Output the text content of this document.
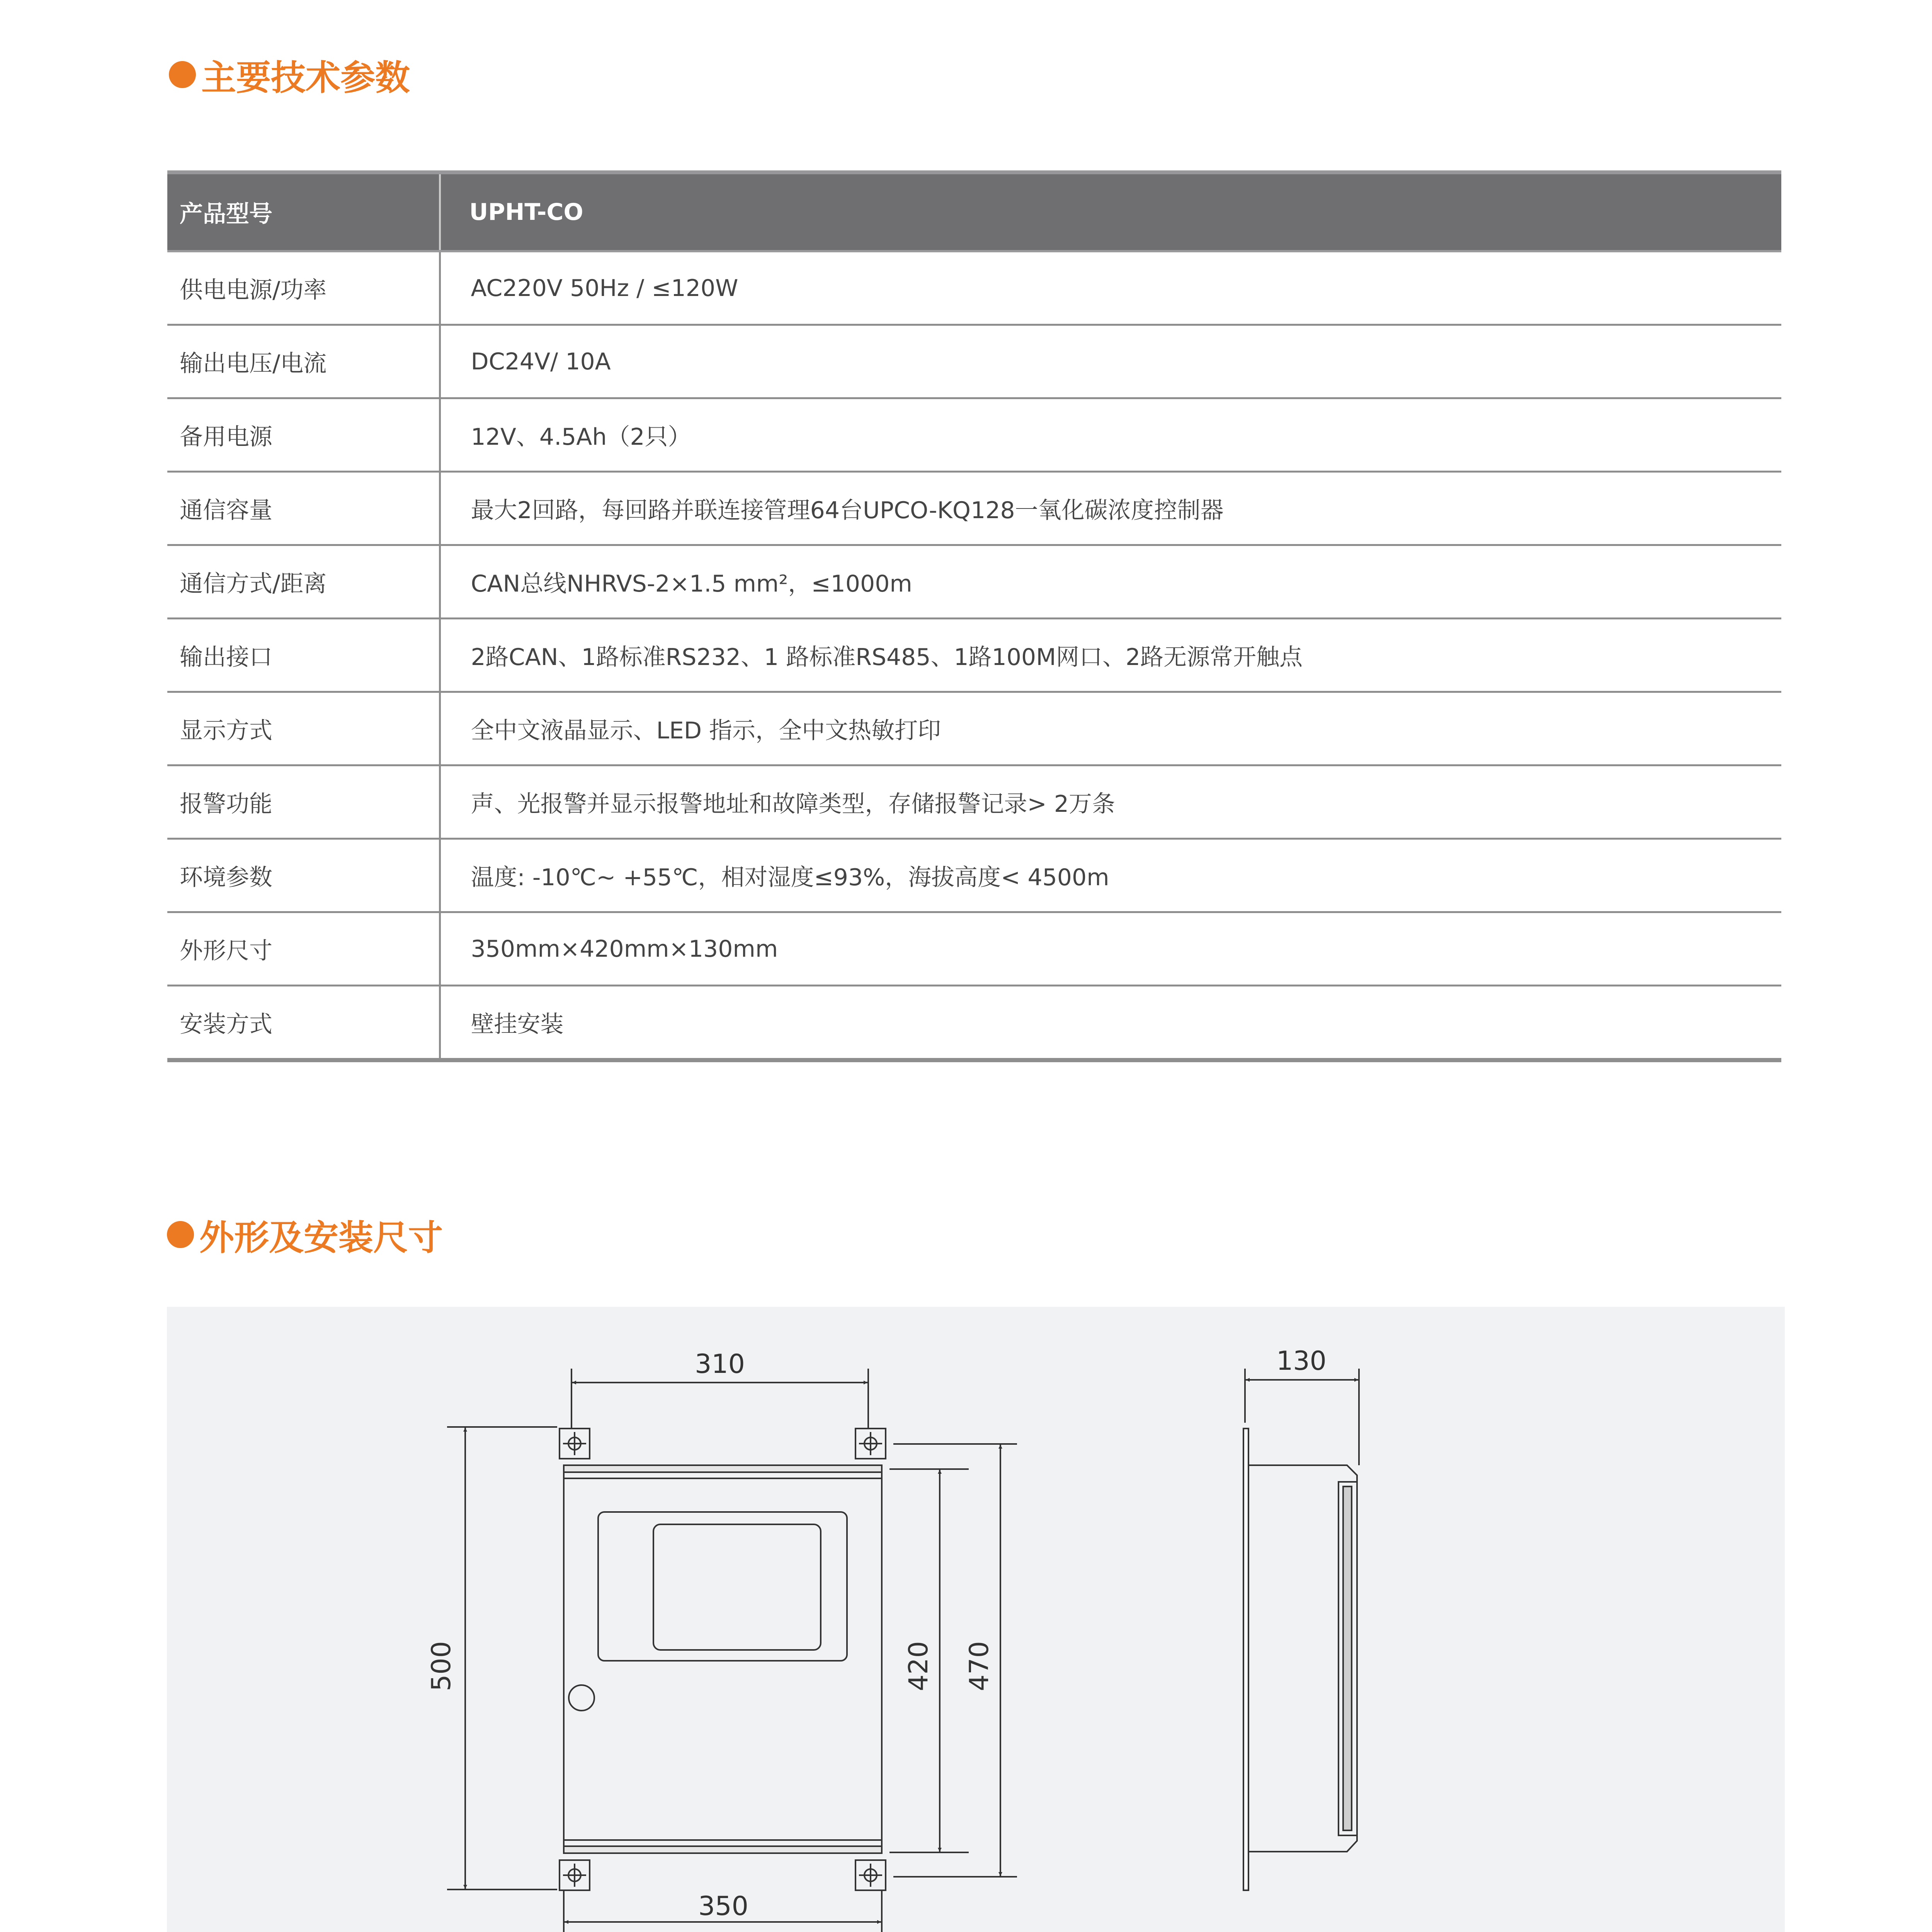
主要技术参数
产品型号	UPHT-CO
供电电源/功率	AC220V 50Hz / ≤120W
输出电压/电流	DC24V/ 10A
备用电源	12V、4.5Ah（2只）
通信容量	最大2回路，每回路并联连接管理64台UPCO-KQ128一氧化碳浓度控制器
通信方式/距离	CAN总线NHRVS-2×1.5 mm²，≤1000m
输出接口	2路CAN、1路标准RS232、1 路标准RS485、1路100M网口、2路无源常开触点
显示方式	全中文液晶显示、LED 指示，全中文热敏打印
报警功能	声、光报警并显示报警地址和故障类型，存储报警记录> 2万条
环境参数	温度: -10℃~ +55℃，相对湿度≤93%，海拔高度< 4500m
外形尺寸	350mm×420mm×130mm
安装方式	壁挂安装
外形及安装尺寸
310
350
130
500	420 470
